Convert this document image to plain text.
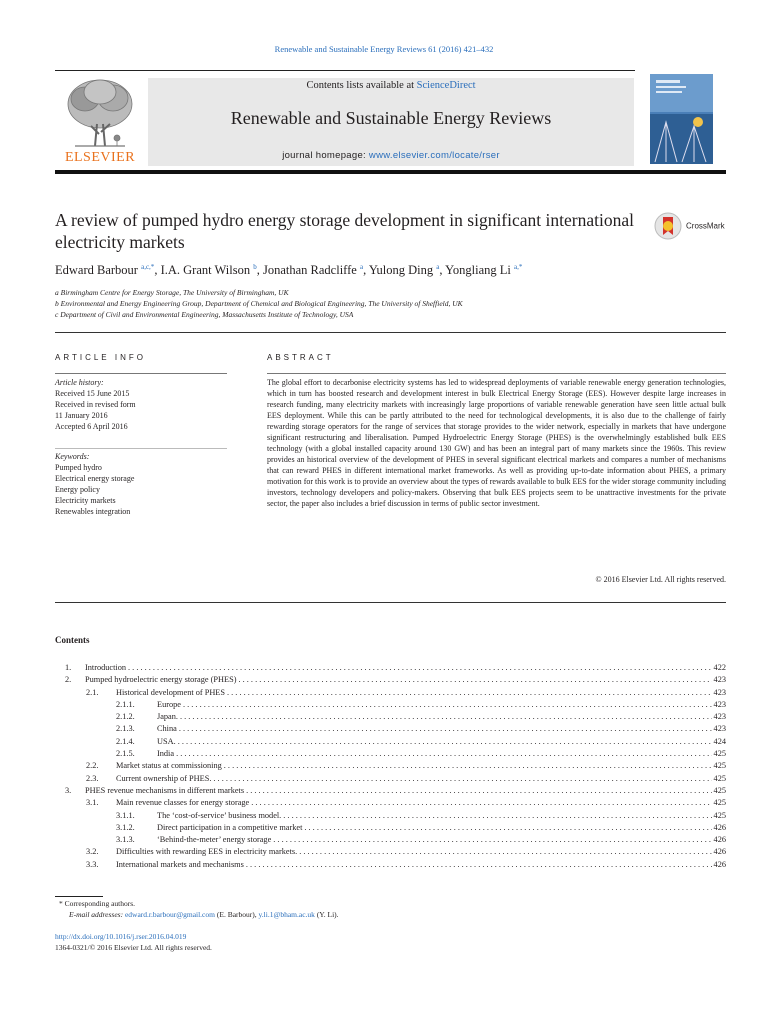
Renewable and Sustainable Energy Reviews 61 (2016) 421–432
ELSEVIER
Contents lists available at ScienceDirect
Renewable and Sustainable Energy Reviews
journal homepage: www.elsevier.com/locate/rser
A review of pumped hydro energy storage development in significant international electricity markets
CrossMark
Edward Barbour $^{a,c,*}$, I.A. Grant Wilson $^b$, Jonathan Radcliffe $^a$, Yulong Ding $^a$, Yongliang Li $^{a,*}$
a Birmingham Centre for Energy Storage, The University of Birmingham, UK
b Environmental and Energy Engineering Group, Department of Chemical and Biological Engineering, The University of Sheffield, UK
c Department of Civil and Environmental Engineering, Massachusetts Institute of Technology, USA
ARTICLE INFO	ABSTRACT
Article history:
Received 15 June 2015
Received in revised form
11 January 2016
Accepted 6 April 2016
Keywords:
Pumped hydro
Electrical energy storage
Energy policy
Electricity markets
Renewables integration
The global effort to decarbonise electricity systems has led to widespread deployments of variable renewable energy generation technologies, which in turn has boosted research and development interest in bulk Electrical Energy Storage (EES). However despite large increases in research funding, many electricity markets with increasingly large proportions of variable renewable generation have seen little actual bulk EES deployment. While this can be partly attributed to the need for technological developments, it is also due to the challenge of fairly rewarding storage operators for the range of services that storage provides to the wider network, especially in markets that have undergone significant restructuring and liberalisation. Pumped Hydroelectric Energy Storage (PHES) is the overwhelmingly established bulk EES technology (with a global installed capacity around 130 GW) and has been an integral part of many markets since the 1960s. This review provides an historical overview of the development of PHES in several significant electrical markets and compares a number of mechanisms that can reward PHES in different international market frameworks. As well as providing up-to-date information about PHES, a primary motivation for this work is to provide an overview about the types of rewards available to bulk EES for the wider storage community including investors, technology developers and policy-makers. Observing that bulk EES projects seem to be unattractive investments for the private sector, the paper also includes a brief discussion in terms of public sector investment.
© 2016 Elsevier Ltd. All rights reserved.
Contents
1. Introduction . . .	422
2. Pumped hydroelectric energy storage (PHES) . . .	423
2.1. Historical development of PHES . . .	423
2.1.1.	Europe . . .	423
2.1.2.	Japan. . . .	423
2.1.3.	China . . .	423
2.1.4.	USA. . . .	424
2.1.5.	India . . .	425
2.2. Market status at commissioning . . .	425
2.3. Current ownership of PHES. . . .	425
3. PHES revenue mechanisms in different markets . . .	425
3.1. Main revenue classes for energy storage . . .	425
3.1.1.	The ‘cost-of-service’ business model. . . .	425
3.1.2.	Direct participation in a competitive market . . .	426
3.1.3.	‘Behind-the-meter’ energy storage . . .	426
3.2. Difficulties with rewarding EES in electricity markets. . . .	426
3.3. International markets and mechanisms . . .	426
* Corresponding authors.
E-mail addresses: edward.r.barbour@gmail.com (E. Barbour), y.li.1@bham.ac.uk (Y. Li).
http://dx.doi.org/10.1016/j.rser.2016.04.019
1364-0321/© 2016 Elsevier Ltd. All rights reserved.
